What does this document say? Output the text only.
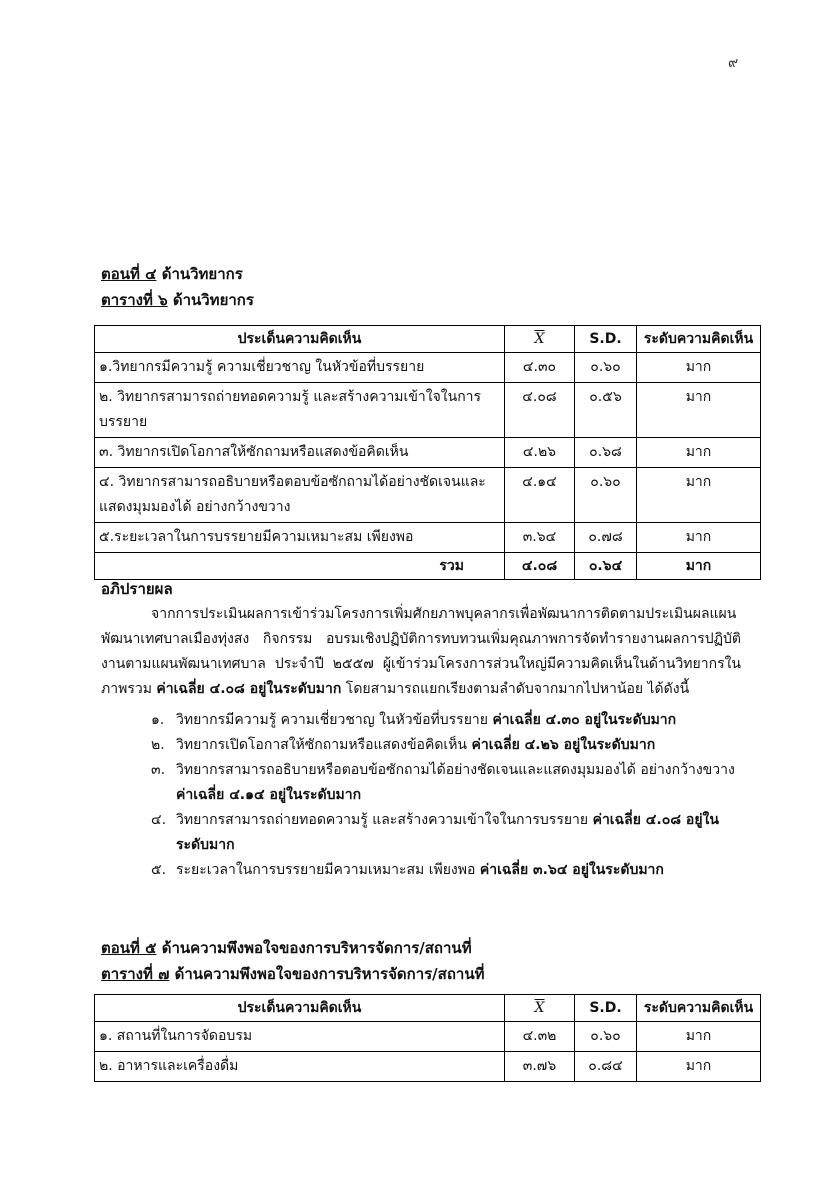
๙
ตอนที่ ๔ ด้านวิทยากร
ตารางที่ ๖ ด้านวิทยากร
ประเด็นความคิดเห็น	$\overline{X}$	S.D.	ระดับความคิดเห็น
๑.วิทยากรมีความรู้ ความเชี่ยวชาญ ในหัวข้อที่บรรยาย	๔.๓๐	๐.๖๐	มาก
๒. วิทยากรสามารถถ่ายทอดความรู้ และสร้างความเข้าใจในการบรรยาย	๔.๐๘	๐.๕๖	มาก
๓. วิทยากรเปิดโอกาสให้ซักถามหรือแสดงข้อคิดเห็น	๔.๒๖	๐.๖๘	มาก
๔. วิทยากรสามารถอธิบายหรือตอบข้อซักถามได้อย่างชัดเจนและแสดงมุมมองได้ อย่างกว้างขวาง	๔.๑๔	๐.๖๐	มาก
๕.ระยะเวลาในการบรรยายมีความเหมาะสม เพียงพอ	๓.๖๔	๐.๗๘	มาก
รวม	๔.๐๘	๐.๖๔	มาก
อภิปรายผล

จากการประเมินผลการเข้าร่วมโครงการเพิ่มศักยภาพบุคลากรเพื่อพัฒนาการติดตามประเมินผลแผนพัฒนาเทศบาลเมืองทุ่งสง กิจกรรม อบรมเชิงปฏิบัติการทบทวนเพิ่มคุณภาพการจัดทำรายงานผลการปฏิบัติงานตามแผนพัฒนาเทศบาล ประจำปี ๒๕๕๗ ผู้เข้าร่วมโครงการส่วนใหญ่มีความคิดเห็นในด้านวิทยากรในภาพรวม ค่าเฉลี่ย ๔.๐๘ อยู่ในระดับมาก โดยสามารถแยกเรียงตามลำดับจากมากไปหาน้อย ได้ดังนี้

๑. วิทยากรมีความรู้ ความเชี่ยวชาญ ในหัวข้อที่บรรยาย ค่าเฉลี่ย ๔.๓๐ อยู่ในระดับมาก
๒. วิทยากรเปิดโอกาสให้ซักถามหรือแสดงข้อคิดเห็น ค่าเฉลี่ย ๔.๒๖ อยู่ในระดับมาก
๓. วิทยากรสามารถอธิบายหรือตอบข้อซักถามได้อย่างชัดเจนและแสดงมุมมองได้ อย่างกว้างขวาง ค่าเฉลี่ย ๔.๑๔ อยู่ในระดับมาก
๔. วิทยากรสามารถถ่ายทอดความรู้ และสร้างความเข้าใจในการบรรยาย ค่าเฉลี่ย ๔.๐๘ อยู่ในระดับมาก
๕. ระยะเวลาในการบรรยายมีความเหมาะสม เพียงพอ ค่าเฉลี่ย ๓.๖๔ อยู่ในระดับมาก
ตอนที่ ๕ ด้านความพึงพอใจของการบริหารจัดการ/สถานที่
ตารางที่ ๗ ด้านความพึงพอใจของการบริหารจัดการ/สถานที่
ประเด็นความคิดเห็น	$\overline{X}$	S.D.	ระดับความคิดเห็น
๑. สถานที่ในการจัดอบรม	๔.๓๒	๐.๖๐	มาก
๒. อาหารและเครื่องดื่ม	๓.๗๖	๐.๘๔	มาก
